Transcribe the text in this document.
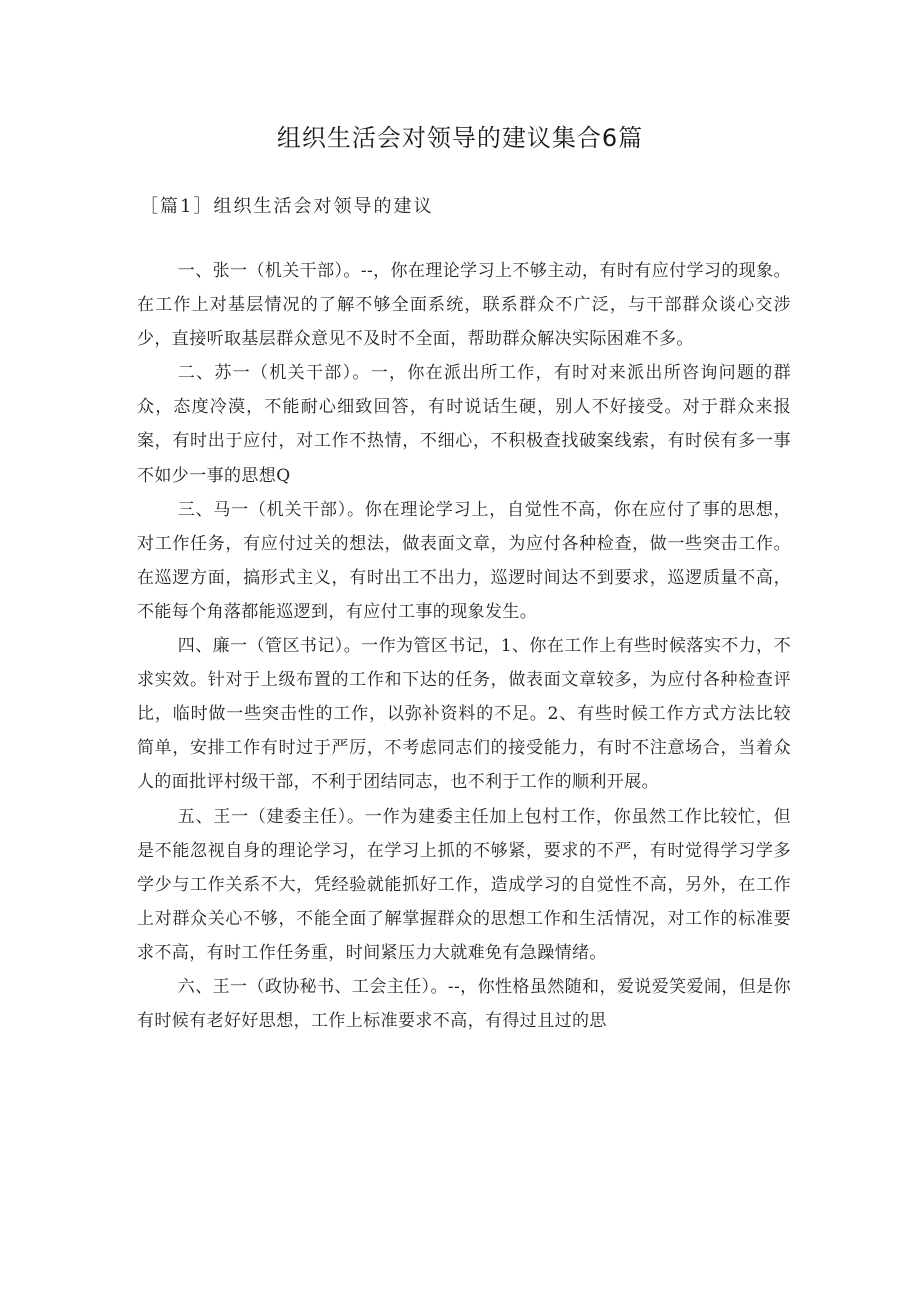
组织生活会对领导的建议集合6篇
［篇1］组织生活会对领导的建议

一、张一（机关干部）。--，你在理论学习上不够主动，有时有应付学习的现象。在工作上对基层情况的了解不够全面系统，联系群众不广泛，与干部群众谈心交涉少，直接听取基层群众意见不及时不全面，帮助群众解决实际困难不多。

二、苏一（机关干部）。一，你在派出所工作，有时对来派出所咨询问题的群众，态度冷漠，不能耐心细致回答，有时说话生硬，别人不好接受。对于群众来报案，有时出于应付，对工作不热情，不细心，不积极查找破案线索，有时侯有多一事不如少一事的思想Q

三、马一（机关干部）。你在理论学习上，自觉性不高，你在应付了事的思想，对工作任务，有应付过关的想法，做表面文章，为应付各种检查，做一些突击工作。在巡逻方面，搞形式主义，有时出工不出力，巡逻时间达不到要求，巡逻质量不高，不能每个角落都能巡逻到，有应付工事的现象发生。

四、廉一（管区书记）。一作为管区书记，1、你在工作上有些时候落实不力，不求实效。针对于上级布置的工作和下达的任务，做表面文章较多，为应付各种检查评比，临时做一些突击性的工作，以弥补资料的不足。2、有些时候工作方式方法比较简单，安排工作有时过于严厉，不考虑同志们的接受能力，有时不注意场合，当着众人的面批评村级干部，不利于团结同志，也不利于工作的顺利开展。

五、王一（建委主任）。一作为建委主任加上包村工作，你虽然工作比较忙，但是不能忽视自身的理论学习，在学习上抓的不够紧，要求的不严，有时觉得学习学多学少与工作关系不大，凭经验就能抓好工作，造成学习的自觉性不高，另外，在工作上对群众关心不够，不能全面了解掌握群众的思想工作和生活情况，对工作的标准要求不高，有时工作任务重，时间紧压力大就难免有急躁情绪。

六、王一（政协秘书、工会主任）。--，你性格虽然随和，爱说爱笑爱闹，但是你有时候有老好好思想，工作上标准要求不高，有得过且过的思
